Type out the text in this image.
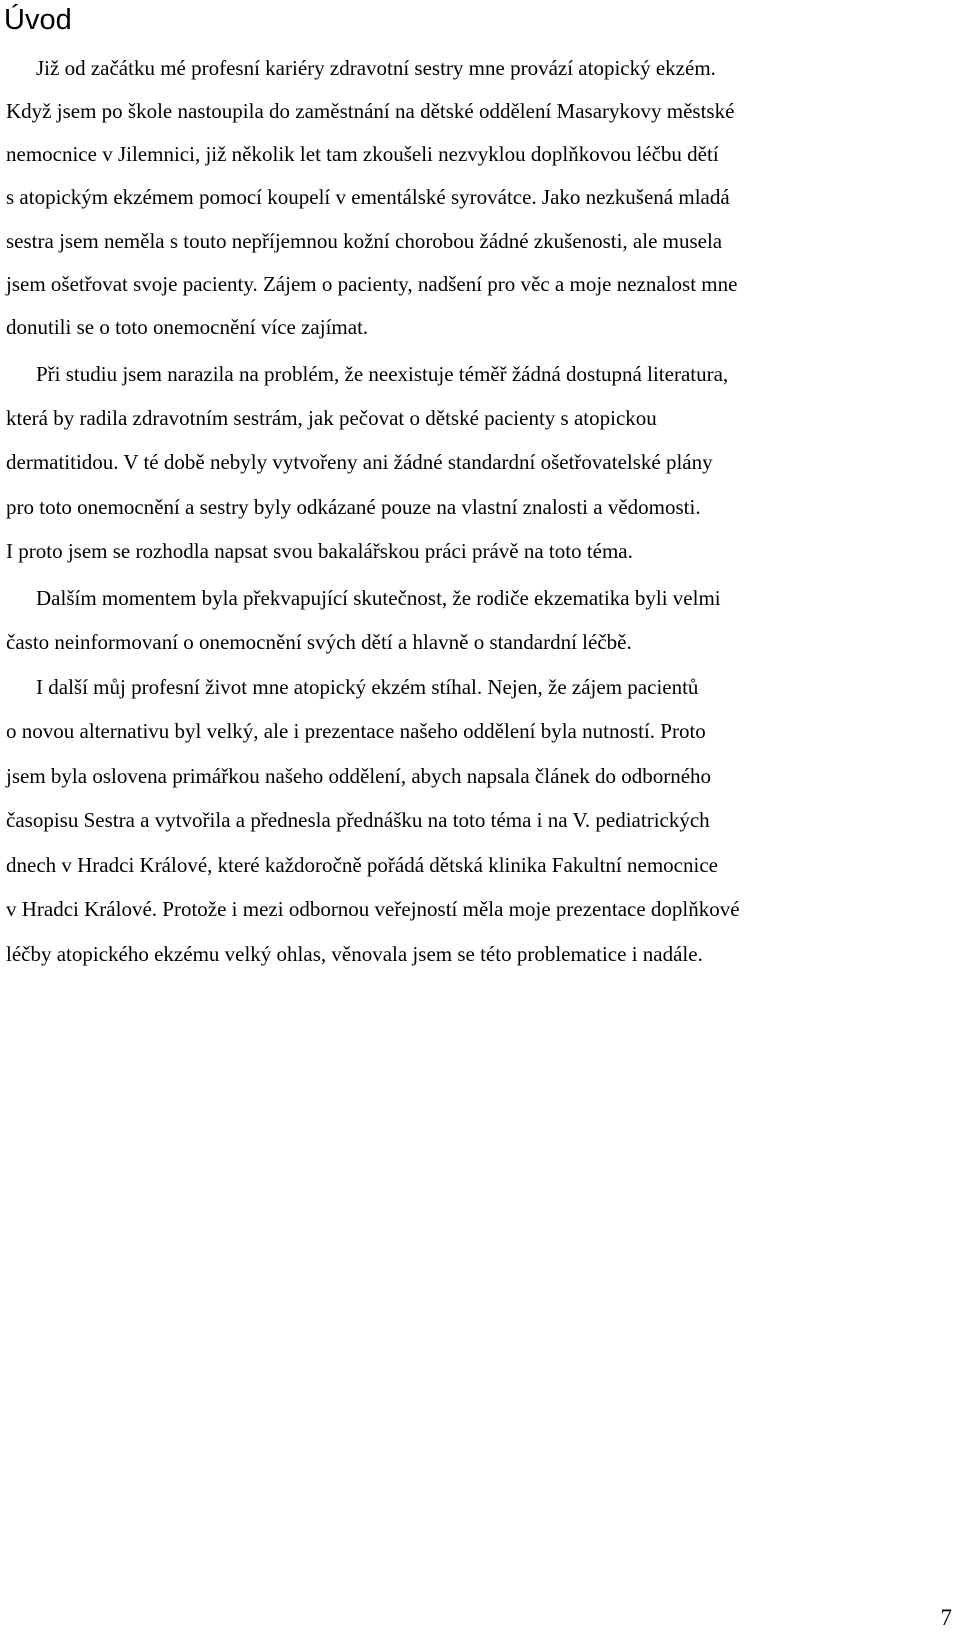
Úvod

Již od začátku mé profesní kariéry zdravotní sestry mne provází atopický ekzém.

Když jsem po škole nastoupila do zaměstnání na dětské oddělení Masarykovy městské

nemocnice v Jilemnici, již několik let tam zkoušeli nezvyklou doplňkovou léčbu dětí

s atopickým ekzémem pomocí koupelí v ementálské syrovátce. Jako nezkušená mladá

sestra jsem neměla s touto nepříjemnou kožní chorobou žádné zkušenosti, ale musela

jsem ošetřovat svoje pacienty. Zájem o pacienty, nadšení pro věc a moje neznalost mne

donutili se o toto onemocnění více zajímat.

Při studiu jsem narazila na problém, že neexistuje téměř žádná dostupná literatura,

která by radila zdravotním sestrám, jak pečovat o dětské pacienty s atopickou

dermatitidou. V té době nebyly vytvořeny ani žádné standardní ošetřovatelské plány

pro toto onemocnění a sestry byly odkázané pouze na vlastní znalosti a vědomosti.

I proto jsem se rozhodla napsat svou bakalářskou práci právě na toto téma.

Dalším momentem byla překvapující skutečnost, že rodiče ekzematika byli velmi

často neinformovaní o onemocnění svých dětí a hlavně o standardní léčbě.

I další můj profesní život mne atopický ekzém stíhal. Nejen, že zájem pacientů

o novou alternativu byl velký, ale i prezentace našeho oddělení byla nutností. Proto

jsem byla oslovena primářkou našeho oddělení, abych napsala článek do odborného

časopisu Sestra a vytvořila a přednesla přednášku na toto téma i na V. pediatrických

dnech v Hradci Králové, které každoročně pořádá dětská klinika Fakultní nemocnice

v Hradci Králové. Protože i mezi odbornou veřejností měla moje prezentace doplňkové

léčby atopického ekzému velký ohlas, věnovala jsem se této problematice i nadále.

7
